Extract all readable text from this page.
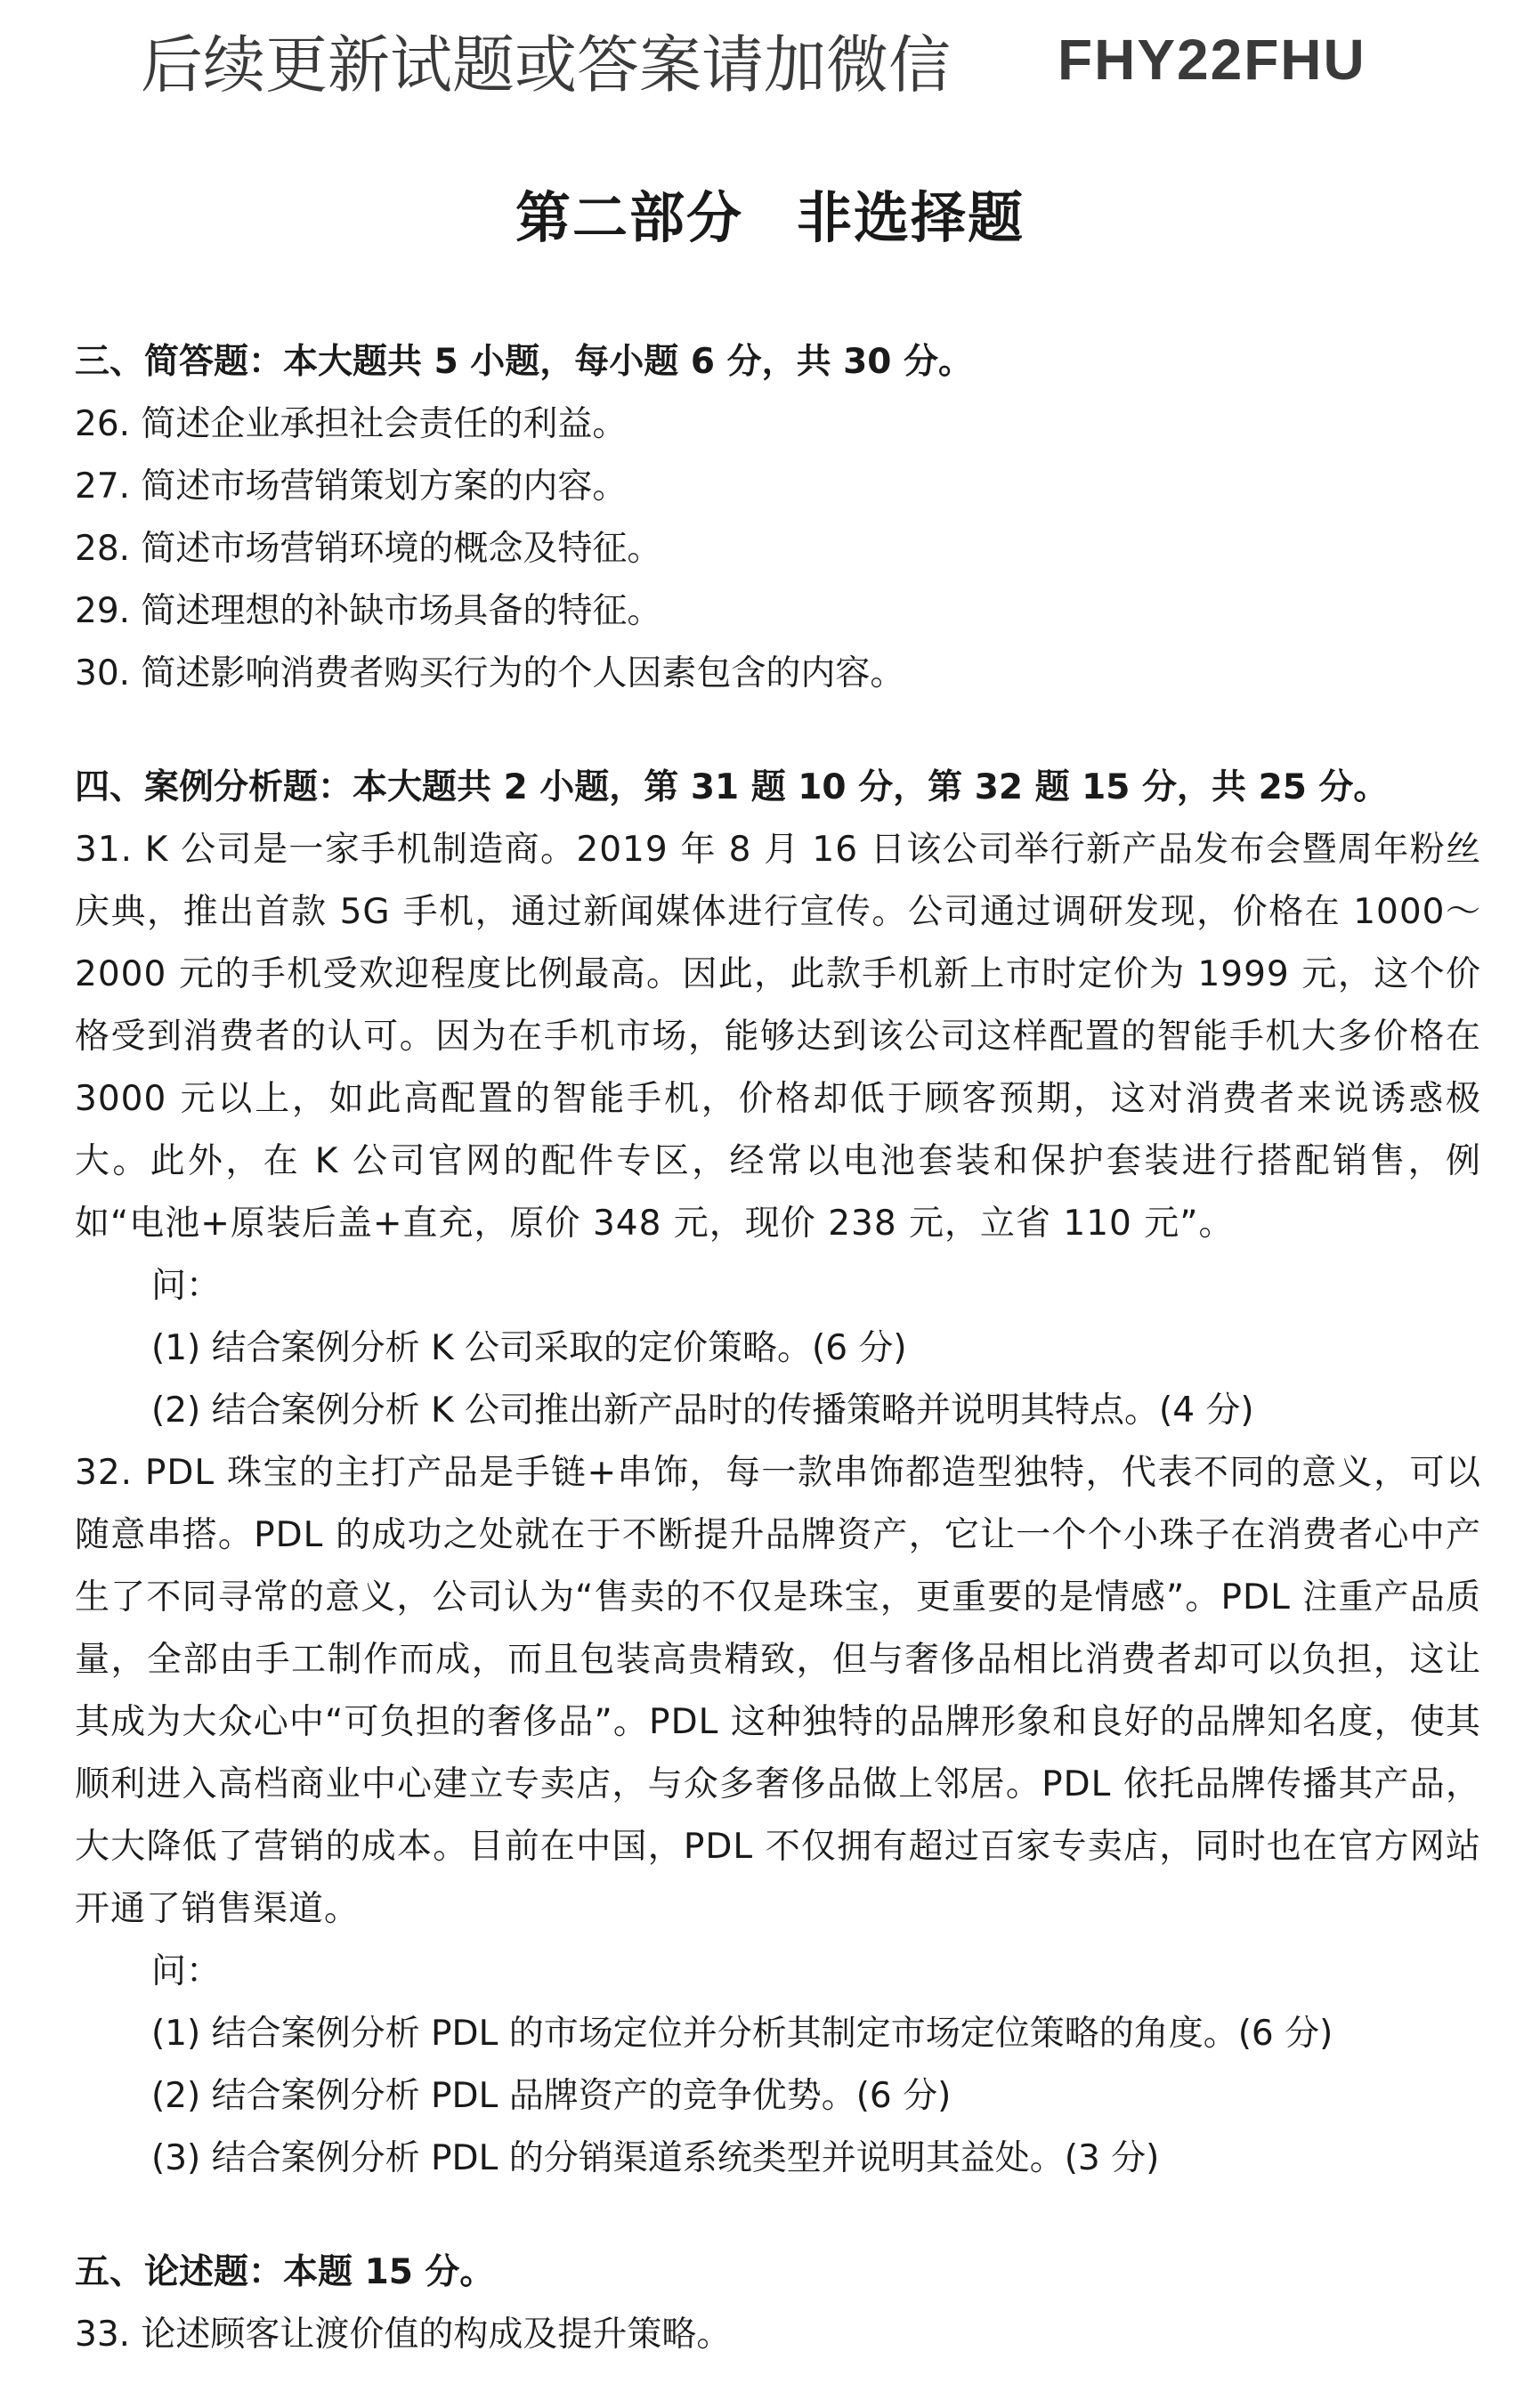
后续更新试题或答案请加微信 FHY22FHU
第二部分 非选择题
三、简答题：本大题共 5 小题，每小题 6 分，共 30 分。
26. 简述企业承担社会责任的利益。
27. 简述市场营销策划方案的内容。
28. 简述市场营销环境的概念及特征。
29. 简述理想的补缺市场具备的特征。
30. 简述影响消费者购买行为的个人因素包含的内容。
四、案例分析题：本大题共 2 小题，第 31 题 10 分，第 32 题 15 分，共 25 分。
31. K 公司是一家手机制造商。2019 年 8 月 16 日该公司举行新产品发布会暨周年粉丝庆典，推出首款 5G 手机，通过新闻媒体进行宣传。公司通过调研发现，价格在 1000～2000 元的手机受欢迎程度比例最高。因此，此款手机新上市时定价为 1999 元，这个价格受到消费者的认可。因为在手机市场，能够达到该公司这样配置的智能手机大多价格在 3000 元以上，如此高配置的智能手机，价格却低于顾客预期，这对消费者来说诱惑极大。此外，在 K 公司官网的配件专区，经常以电池套装和保护套装进行搭配销售，例如“电池+原装后盖+直充，原价 348 元，现价 238 元，立省 110 元”。
问：
(1) 结合案例分析 K 公司采取的定价策略。(6 分)
(2) 结合案例分析 K 公司推出新产品时的传播策略并说明其特点。(4 分)
32. PDL 珠宝的主打产品是手链+串饰，每一款串饰都造型独特，代表不同的意义，可以随意串搭。PDL 的成功之处就在于不断提升品牌资产，它让一个个小珠子在消费者心中产生了不同寻常的意义，公司认为“售卖的不仅是珠宝，更重要的是情感”。PDL 注重产品质量，全部由手工制作而成，而且包装高贵精致，但与奢侈品相比消费者却可以负担，这让其成为大众心中“可负担的奢侈品”。PDL 这种独特的品牌形象和良好的品牌知名度，使其顺利进入高档商业中心建立专卖店，与众多奢侈品做上邻居。PDL 依托品牌传播其产品，大大降低了营销的成本。目前在中国，PDL 不仅拥有超过百家专卖店，同时也在官方网站开通了销售渠道。
问：
(1) 结合案例分析 PDL 的市场定位并分析其制定市场定位策略的角度。(6 分)
(2) 结合案例分析 PDL 品牌资产的竞争优势。(6 分)
(3) 结合案例分析 PDL 的分销渠道系统类型并说明其益处。(3 分)
五、论述题：本题 15 分。
33. 论述顾客让渡价值的构成及提升策略。
